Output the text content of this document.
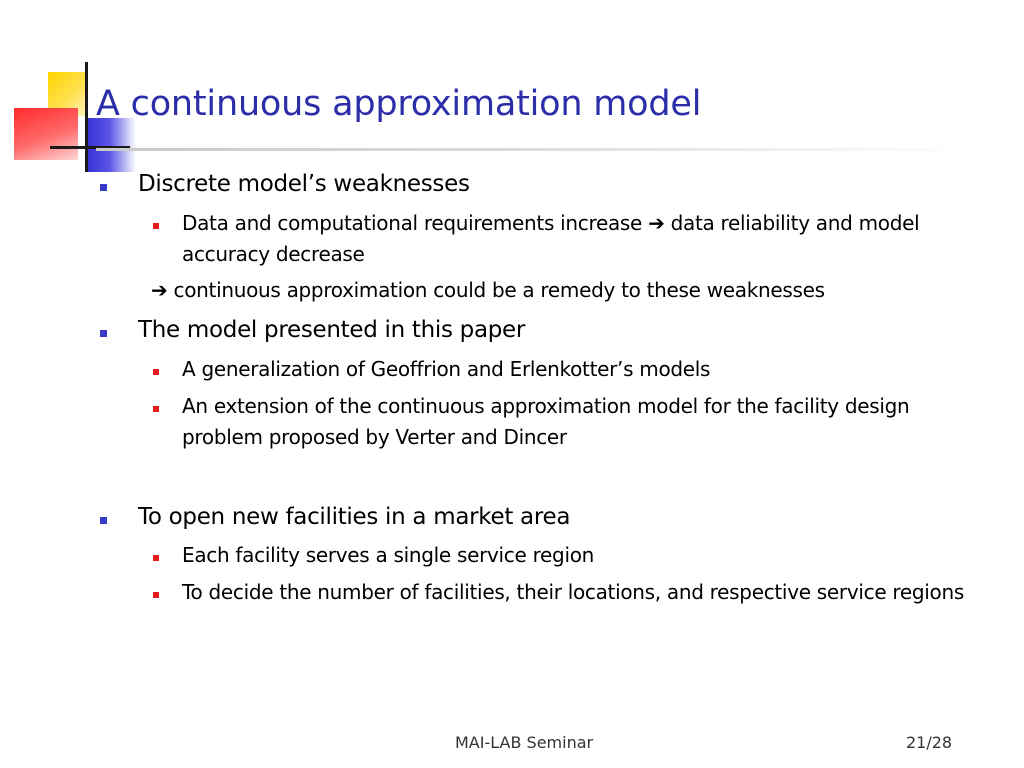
A continuous approximation model
Discrete model’s weaknesses
Data and computational requirements increase ➔ data reliability and model accuracy decrease
➔ continuous approximation could be a remedy to these weaknesses
The model presented in this paper
A generalization of Geoffrion and Erlenkotter’s models
An extension of the continuous approximation model for the facility design problem proposed by Verter and Dincer
To open new facilities in a market area
Each facility serves a single service region
To decide the number of facilities, their locations, and respective service regions
MAI-LAB Seminar	21/28
